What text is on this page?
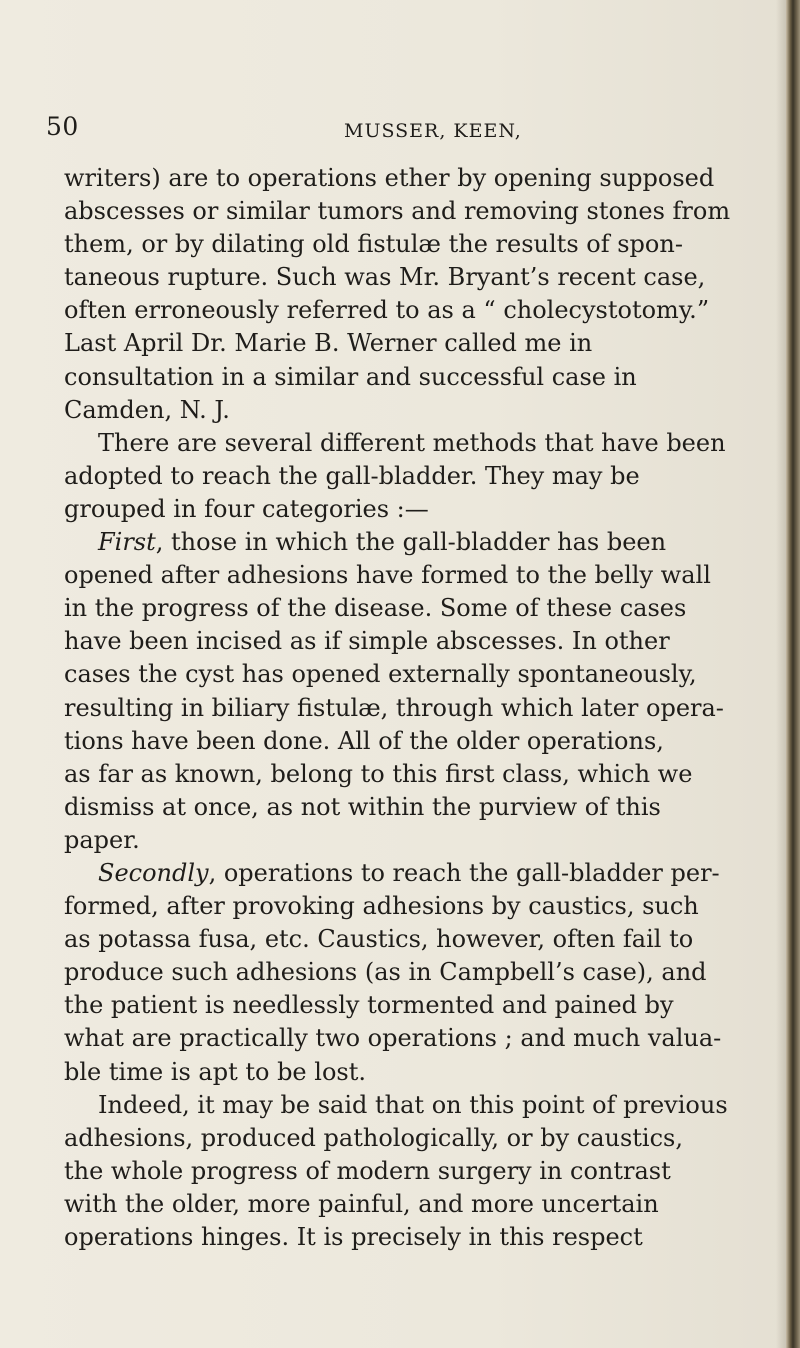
50	MUSSER, KEEN,
writers) are to operations ether by opening supposed
abscesses or similar tumors and removing stones from
them, or by dilating old fistulæ the results of spon-
taneous rupture. Such was Mr. Bryant’s recent case,
often erroneously referred to as a “ cholecystotomy.”
Last April Dr. Marie B. Werner called me in
consultation in a similar and successful case in
Camden, N. J.
There are several different methods that have been
adopted to reach the gall-bladder. They may be
grouped in four categories :—
First, those in which the gall-bladder has been
opened after adhesions have formed to the belly wall
in the progress of the disease. Some of these cases
have been incised as if simple abscesses. In other
cases the cyst has opened externally spontaneously,
resulting in biliary fistulæ, through which later opera-
tions have been done. All of the older operations,
as far as known, belong to this first class, which we
dismiss at once, as not within the purview of this
paper.
Secondly, operations to reach the gall-bladder per-
formed, after provoking adhesions by caustics, such
as potassa fusa, etc. Caustics, however, often fail to
produce such adhesions (as in Campbell’s case), and
the patient is needlessly tormented and pained by
what are practically two operations ; and much valua-
ble time is apt to be lost.
Indeed, it may be said that on this point of previous
adhesions, produced pathologically, or by caustics,
the whole progress of modern surgery in contrast
with the older, more painful, and more uncertain
operations hinges. It is precisely in this respect
